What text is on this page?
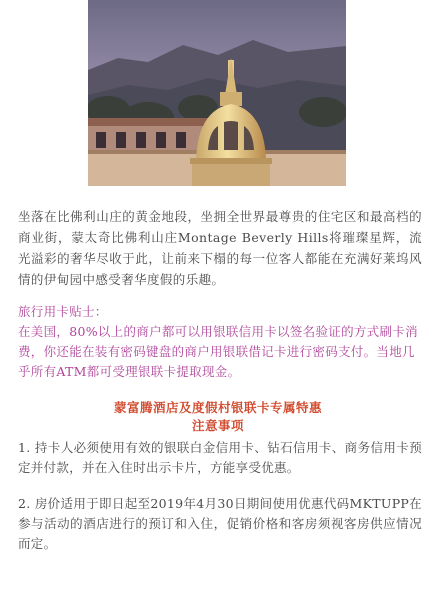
坐落在比佛利山庄的黄金地段，坐拥全世界最尊贵的住宅区和最高档的商业街，蒙太奇比佛利山庄Montage Beverly Hills将璀璨星辉，流光溢彩的奢华尽收于此，让前来下榻的每一位客人都能在充满好莱坞风情的伊甸园中感受奢华度假的乐趣。

旅行用卡贴士：

在美国，80%以上的商户都可以用银联信用卡以签名验证的方式刷卡消费，你还能在装有密码键盘的商户用银联借记卡进行密码支付。当地几乎所有ATM都可受理银联卡提取现金。

蒙富腾酒店及度假村银联卡专属特惠
注意事项

1. 持卡人必须使用有效的银联白金信用卡、钻石信用卡、商务信用卡预定并付款，并在入住时出示卡片，方能享受优惠。

2. 房价适用于即日起至2019年4月30日期间使用优惠代码MKTUPP在参与活动的酒店进行的预订和入住，促销价格和客房须视客房供应情况而定。
